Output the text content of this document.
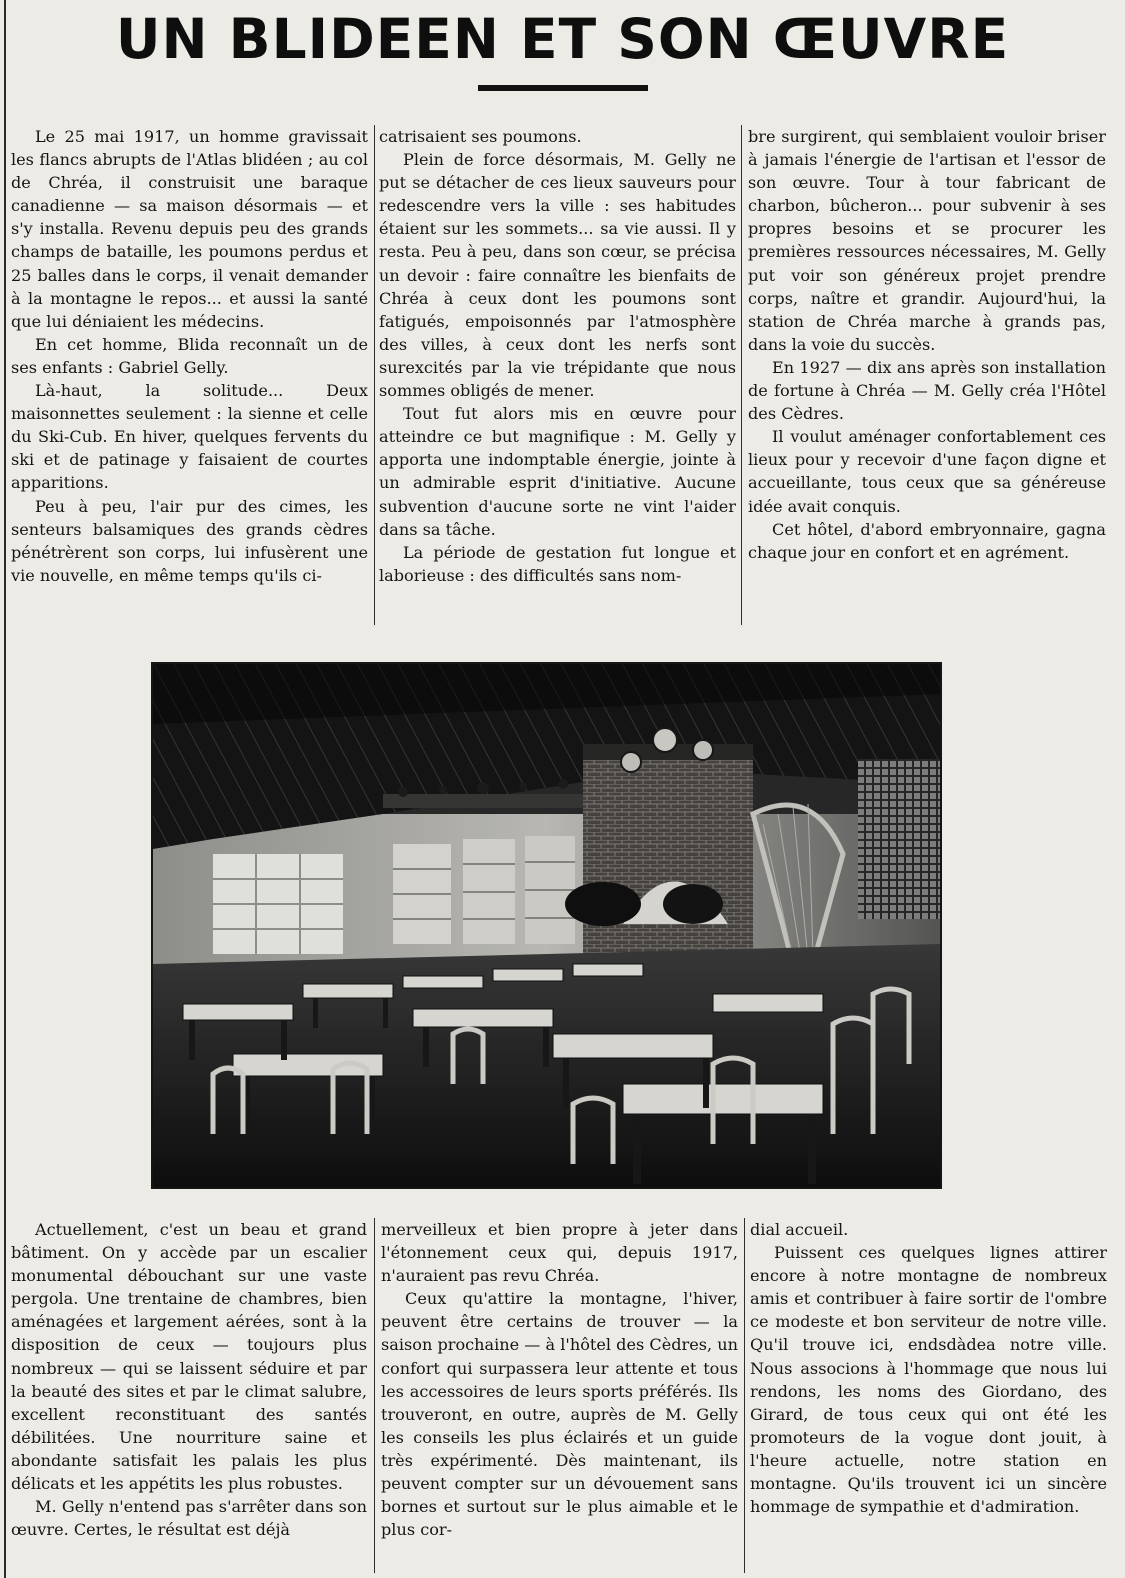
UN BLIDEEN ET SON ŒUVRE

Le 25 mai 1917, un homme gravissait les flancs abrupts de l'Atlas blidéen ; au col de Chréa, il construisit une baraque canadienne — sa maison désormais — et s'y installa. Revenu depuis peu des grands champs de bataille, les poumons perdus et 25 balles dans le corps, il venait demander à la montagne le repos... et aussi la santé que lui déniaient les médecins.

En cet homme, Blida reconnaît un de ses enfants : Gabriel Gelly.

Là-haut, la solitude... Deux maisonnettes seulement : la sienne et celle du Ski-Cub. En hiver, quelques fervents du ski et de patinage y faisaient de courtes apparitions.

Peu à peu, l'air pur des cimes, les senteurs balsamiques des grands cèdres pénétrèrent son corps, lui infusèrent une vie nouvelle, en même temps qu'ils ci-

catrisaient ses poumons.

Plein de force désormais, M. Gelly ne put se détacher de ces lieux sauveurs pour redescendre vers la ville : ses habitudes étaient sur les sommets... sa vie aussi. Il y resta. Peu à peu, dans son cœur, se précisa un devoir : faire connaître les bienfaits de Chréa à ceux dont les poumons sont fatigués, empoisonnés par l'atmosphère des villes, à ceux dont les nerfs sont surexcités par la vie trépidante que nous sommes obligés de mener.

Tout fut alors mis en œuvre pour atteindre ce but magnifique : M. Gelly y apporta une indomptable énergie, jointe à un admirable esprit d'initiative. Aucune subvention d'aucune sorte ne vint l'aider dans sa tâche.

La période de gestation fut longue et laborieuse : des difficultés sans nom-

bre surgirent, qui semblaient vouloir briser à jamais l'énergie de l'artisan et l'essor de son œuvre. Tour à tour fabricant de charbon, bûcheron... pour subvenir à ses propres besoins et se procurer les premières ressources nécessaires, M. Gelly put voir son généreux projet prendre corps, naître et grandir. Aujourd'hui, la station de Chréa marche à grands pas, dans la voie du succès.

En 1927 — dix ans après son installation de fortune à Chréa — M. Gelly créa l'Hôtel des Cèdres.

Il voulut aménager confortablement ces lieux pour y recevoir d'une façon digne et accueillante, tous ceux que sa généreuse idée avait conquis.

Cet hôtel, d'abord embryonnaire, gagna chaque jour en confort et en agrément.

Actuellement, c'est un beau et grand bâtiment. On y accède par un escalier monumental débouchant sur une vaste pergola. Une trentaine de chambres, bien aménagées et largement aérées, sont à la disposition de ceux — toujours plus nombreux — qui se laissent séduire et par la beauté des sites et par le climat salubre, excellent reconstituant des santés débilitées. Une nourriture saine et abondante satisfait les palais les plus délicats et les appétits les plus robustes.

M. Gelly n'entend pas s'arrêter dans son œuvre. Certes, le résultat est déjà

merveilleux et bien propre à jeter dans l'étonnement ceux qui, depuis 1917, n'auraient pas revu Chréa.

Ceux qu'attire la montagne, l'hiver, peuvent être certains de trouver — la saison prochaine — à l'hôtel des Cèdres, un confort qui surpassera leur attente et tous les accessoires de leurs sports préférés. Ils trouveront, en outre, auprès de M. Gelly les conseils les plus éclairés et un guide très expérimenté. Dès maintenant, ils peuvent compter sur un dévouement sans bornes et surtout sur le plus aimable et le plus cor-

dial accueil.

Puissent ces quelques lignes attirer encore à notre montagne de nombreux amis et contribuer à faire sortir de l'ombre ce modeste et bon serviteur de notre ville. Qu'il trouve ici, endsdàdea notre ville. Nous associons à l'hommage que nous lui rendons, les noms des Giordano, des Girard, de tous ceux qui ont été les promoteurs de la vogue dont jouit, à l'heure actuelle, notre station en montagne. Qu'ils trouvent ici un sincère hommage de sympathie et d'admiration.
